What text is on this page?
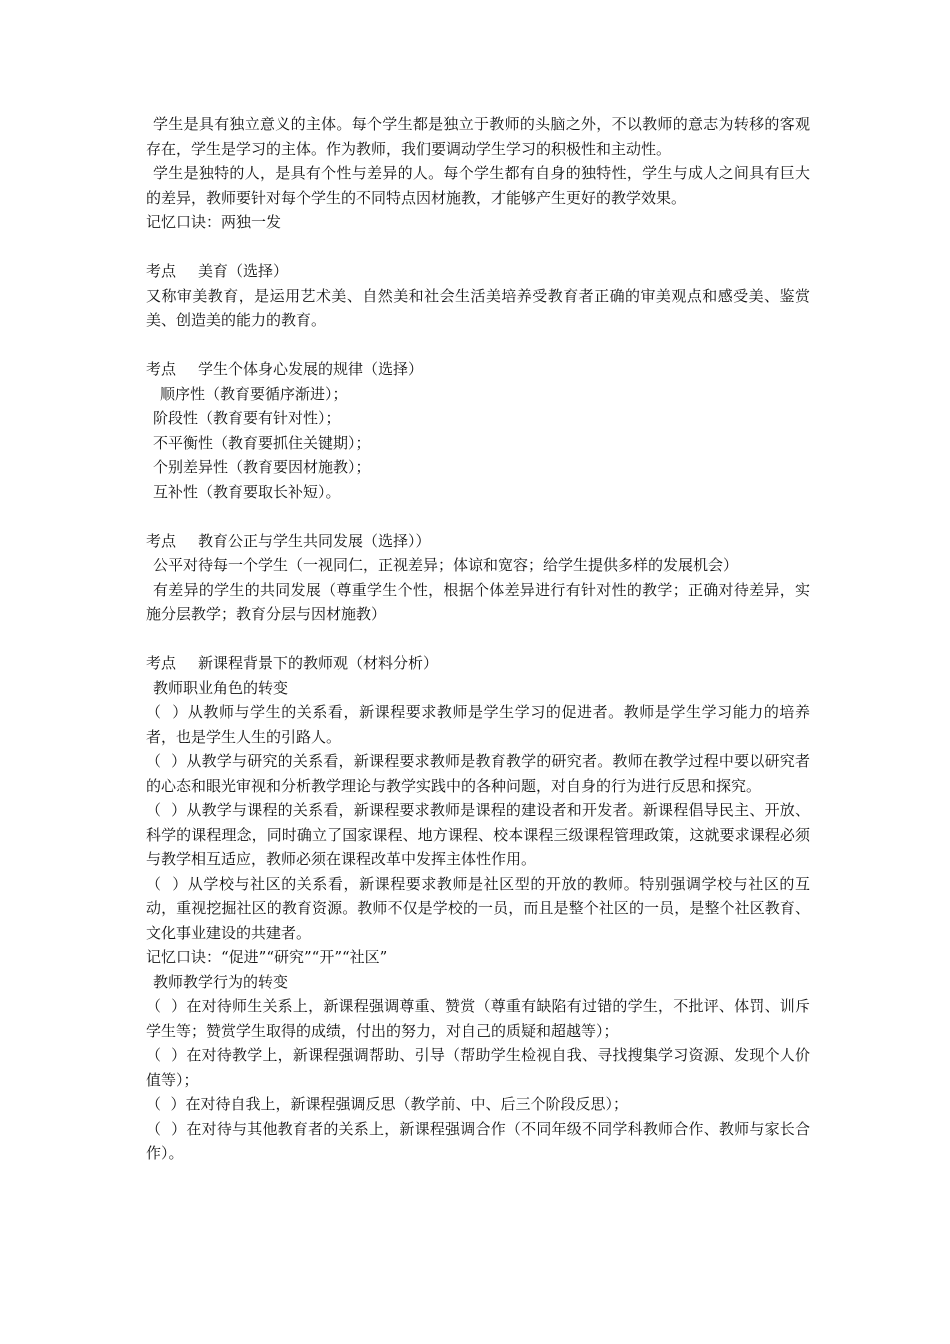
学生是具有独立意义的主体。每个学生都是独立于教师的头脑之外，不以教师的意志为转移的客观存在，学生是学习的主体。作为教师，我们要调动学生学习的积极性和主动性。

学生是独特的人，是具有个性与差异的人。每个学生都有自身的独特性，学生与成人之间具有巨大的差异，教师要针对每个学生的不同特点因材施教，才能够产生更好的教学效果。

记忆口诀：两独一发

考点 美育（选择）

又称审美教育，是运用艺术美、自然美和社会生活美培养受教育者正确的审美观点和感受美、鉴赏美、创造美的能力的教育。

考点 学生个体身心发展的规律（选择）

顺序性（教育要循序渐进）；

阶段性（教育要有针对性）；

不平衡性（教育要抓住关键期）；

个别差异性（教育要因材施教）；

互补性（教育要取长补短）。

考点 教育公正与学生共同发展（选择））

公平对待每一个学生（一视同仁，正视差异；体谅和宽容；给学生提供多样的发展机会）

有差异的学生的共同发展（尊重学生个性，根据个体差异进行有针对性的教学；正确对待差异，实施分层教学；教育分层与因材施教）

考点 新课程背景下的教师观（材料分析）

教师职业角色的转变

（  ）从教师与学生的关系看，新课程要求教师是学生学习的促进者。教师是学生学习能力的培养者，也是学生人生的引路人。

（  ）从教学与研究的关系看，新课程要求教师是教育教学的研究者。教师在教学过程中要以研究者的心态和眼光审视和分析教学理论与教学实践中的各种问题，对自身的行为进行反思和探究。

（  ）从教学与课程的关系看，新课程要求教师是课程的建设者和开发者。新课程倡导民主、开放、科学的课程理念，同时确立了国家课程、地方课程、校本课程三级课程管理政策，这就要求课程必须与教学相互适应，教师必须在课程改革中发挥主体性作用。

（  ）从学校与社区的关系看，新课程要求教师是社区型的开放的教师。特别强调学校与社区的互动，重视挖掘社区的教育资源。教师不仅是学校的一员，而且是整个社区的一员，是整个社区教育、文化事业建设的共建者。

记忆口诀：“促进”“研究”“开”“社区”

教师教学行为的转变

（  ）在对待师生关系上，新课程强调尊重、赞赏（尊重有缺陷有过错的学生，不批评、体罚、训斥学生等；赞赏学生取得的成绩，付出的努力，对自己的质疑和超越等）；

（  ）在对待教学上，新课程强调帮助、引导（帮助学生检视自我、寻找搜集学习资源、发现个人价值等）；

（  ）在对待自我上，新课程强调反思（教学前、中、后三个阶段反思）；

（  ）在对待与其他教育者的关系上，新课程强调合作（不同年级不同学科教师合作、教师与家长合作）。
